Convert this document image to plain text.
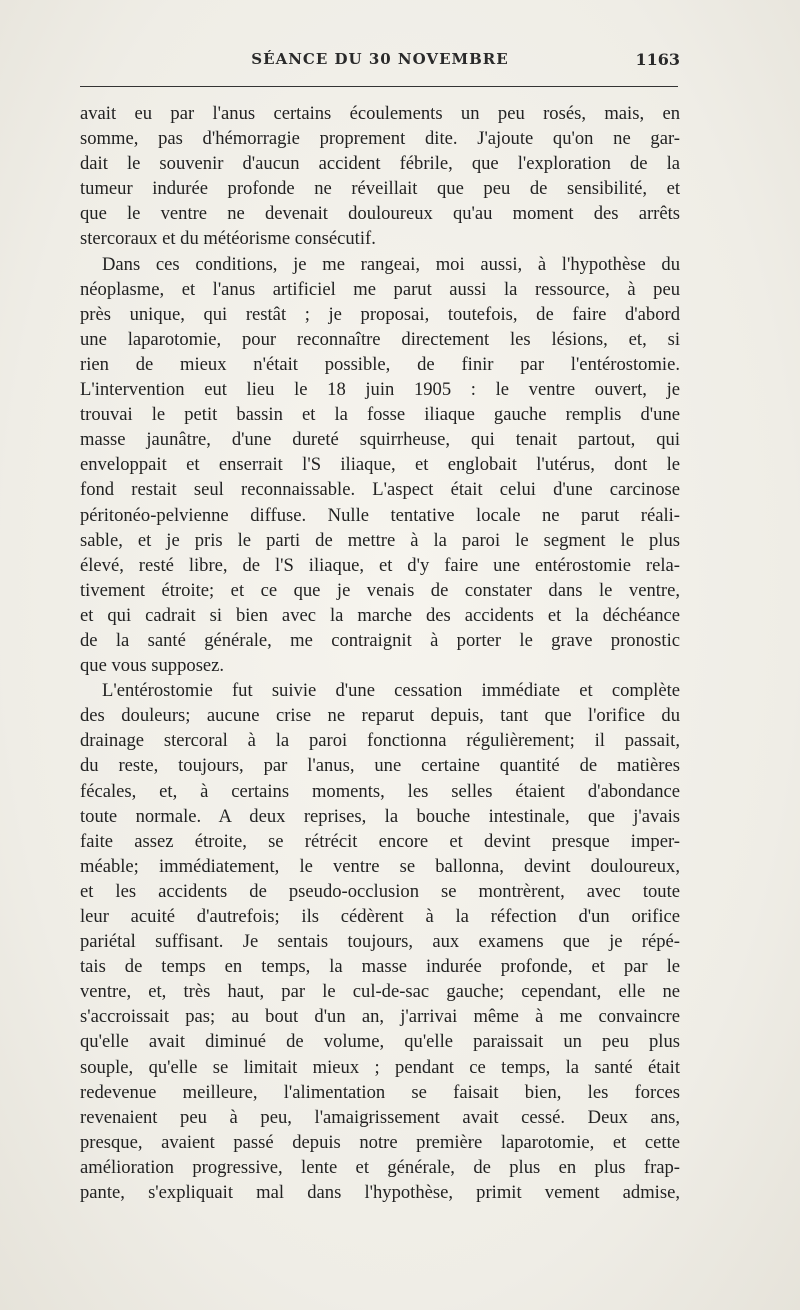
SÉANCE DU 30 NOVEMBRE	1163
avait eu par l'anus certains écoulements un peu rosés, mais, en
somme, pas d'hémorragie proprement dite. J'ajoute qu'on ne gar-
dait le souvenir d'aucun accident fébrile, que l'exploration de la
tumeur indurée profonde ne réveillait que peu de sensibilité, et
que le ventre ne devenait douloureux qu'au moment des arrêts
stercoraux et du météorisme consécutif.
Dans ces conditions, je me rangeai, moi aussi, à l'hypothèse du
néoplasme, et l'anus artificiel me parut aussi la ressource, à peu
près unique, qui restât ; je proposai, toutefois, de faire d'abord
une laparotomie, pour reconnaître directement les lésions, et, si
rien de mieux n'était possible, de finir par l'entérostomie.
L'intervention eut lieu le 18 juin 1905 : le ventre ouvert, je
trouvai le petit bassin et la fosse iliaque gauche remplis d'une
masse jaunâtre, d'une dureté squirrheuse, qui tenait partout, qui
enveloppait et enserrait l'S iliaque, et englobait l'utérus, dont le
fond restait seul reconnaissable. L'aspect était celui d'une carcinose
péritonéo-pelvienne diffuse. Nulle tentative locale ne parut réali-
sable, et je pris le parti de mettre à la paroi le segment le plus
élevé, resté libre, de l'S iliaque, et d'y faire une entérostomie rela-
tivement étroite; et ce que je venais de constater dans le ventre,
et qui cadrait si bien avec la marche des accidents et la déchéance
de la santé générale, me contraignit à porter le grave pronostic
que vous supposez.
L'entérostomie fut suivie d'une cessation immédiate et complète
des douleurs; aucune crise ne reparut depuis, tant que l'orifice du
drainage stercoral à la paroi fonctionna régulièrement; il passait,
du reste, toujours, par l'anus, une certaine quantité de matières
fécales, et, à certains moments, les selles étaient d'abondance
toute normale. A deux reprises, la bouche intestinale, que j'avais
faite assez étroite, se rétrécit encore et devint presque imper-
méable; immédiatement, le ventre se ballonna, devint douloureux,
et les accidents de pseudo-occlusion se montrèrent, avec toute
leur acuité d'autrefois; ils cédèrent à la réfection d'un orifice
pariétal suffisant. Je sentais toujours, aux examens que je répé-
tais de temps en temps, la masse indurée profonde, et par le
ventre, et, très haut, par le cul-de-sac gauche; cependant, elle ne
s'accroissait pas; au bout d'un an, j'arrivai même à me convaincre
qu'elle avait diminué de volume, qu'elle paraissait un peu plus
souple, qu'elle se limitait mieux ; pendant ce temps, la santé était
redevenue meilleure, l'alimentation se faisait bien, les forces
revenaient peu à peu, l'amaigrissement avait cessé. Deux ans,
presque, avaient passé depuis notre première laparotomie, et cette
amélioration progressive, lente et générale, de plus en plus frap-
pante, s'expliquait mal dans l'hypothèse, primit vement admise,
